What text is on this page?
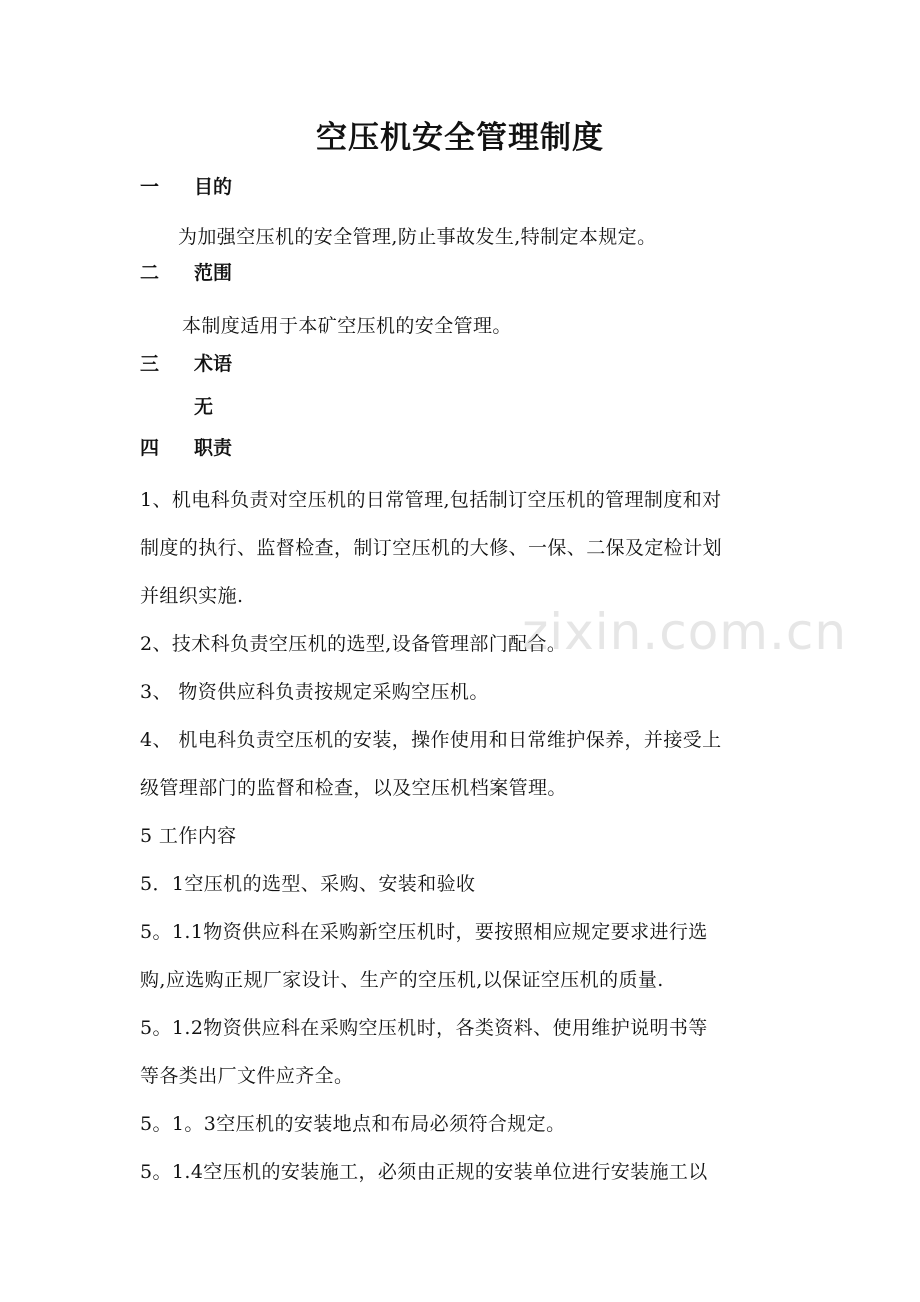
zixin.com.cn
空压机安全管理制度
一 目的
为加强空压机的安全管理,防止事故发生,特制定本规定。
二 范围
本制度适用于本矿空压机的安全管理。
三 术语
无
四 职责
1、机电科负责对空压机的日常管理,包括制订空压机的管理制度和对
制度的执行、监督检查，制订空压机的大修、一保、二保及定检计划
并组织实施.
2、技术科负责空压机的选型,设备管理部门配合。
3、 物资供应科负责按规定采购空压机。
4、 机电科负责空压机的安装，操作使用和日常维护保养，并接受上
级管理部门的监督和检查，以及空压机档案管理。
5 工作内容
5．1空压机的选型、采购、安装和验收
5。1.1物资供应科在采购新空压机时，要按照相应规定要求进行选
购,应选购正规厂家设计、生产的空压机,以保证空压机的质量.
5。1.2物资供应科在采购空压机时，各类资料、使用维护说明书等
等各类出厂文件应齐全。
5。1。3空压机的安装地点和布局必须符合规定。
5。1.4空压机的安装施工，必须由正规的安装单位进行安装施工以
